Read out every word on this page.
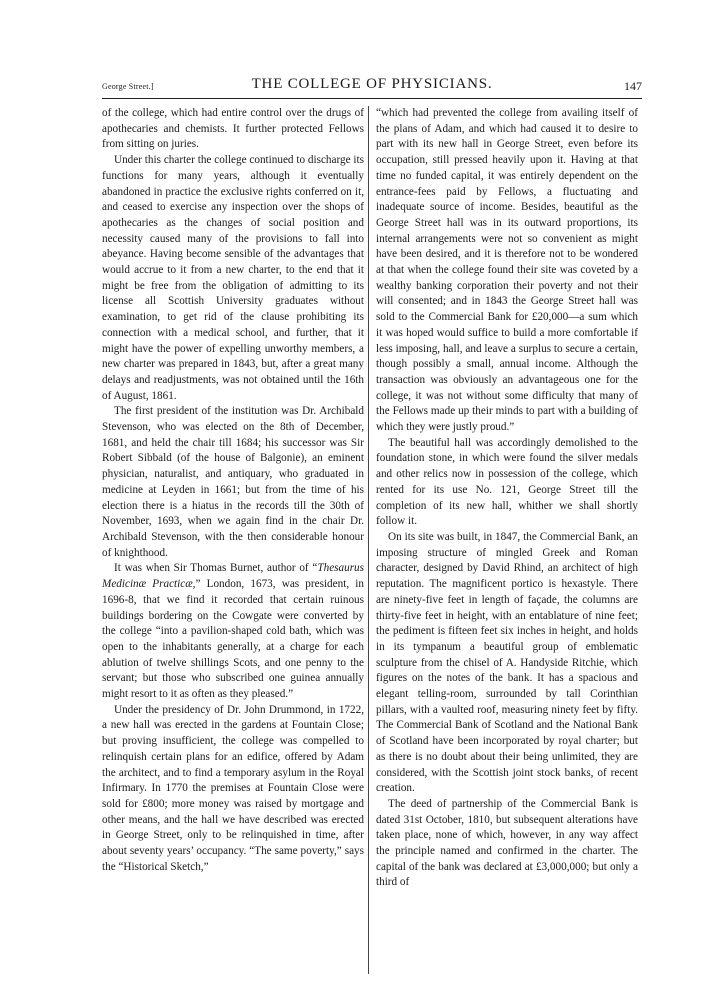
George Street.]	THE COLLEGE OF PHYSICIANS.	147

of the college, which had entire control over the drugs of apothecaries and chemists. It further protected Fellows from sitting on juries.

Under this charter the college continued to discharge its functions for many years, although it eventually abandoned in practice the exclusive rights conferred on it, and ceased to exercise any inspection over the shops of apothecaries as the changes of social position and necessity caused many of the provisions to fall into abeyance. Having become sensible of the advantages that would accrue to it from a new charter, to the end that it might be free from the obligation of admitting to its license all Scottish University graduates without examination, to get rid of the clause prohibiting its connection with a medical school, and further, that it might have the power of expelling unworthy members, a new charter was prepared in 1843, but, after a great many delays and readjustments, was not obtained until the 16th of August, 1861.

The first president of the institution was Dr. Archibald Stevenson, who was elected on the 8th of December, 1681, and held the chair till 1684; his successor was Sir Robert Sibbald (of the house of Balgonie), an eminent physician, naturalist, and antiquary, who graduated in medicine at Leyden in 1661; but from the time of his election there is a hiatus in the records till the 30th of November, 1693, when we again find in the chair Dr. Archibald Stevenson, with the then considerable honour of knighthood.

It was when Sir Thomas Burnet, author of “Thesaurus Medicinæ Practicæ,” London, 1673, was president, in 1696-8, that we find it recorded that certain ruinous buildings bordering on the Cowgate were converted by the college “into a pavilion-shaped cold bath, which was open to the inhabitants generally, at a charge for each ablution of twelve shillings Scots, and one penny to the servant; but those who subscribed one guinea annually might resort to it as often as they pleased.”

Under the presidency of Dr. John Drummond, in 1722, a new hall was erected in the gardens at Fountain Close; but proving insufficient, the college was compelled to relinquish certain plans for an edifice, offered by Adam the architect, and to find a temporary asylum in the Royal Infirmary. In 1770 the premises at Fountain Close were sold for £800; more money was raised by mortgage and other means, and the hall we have described was erected in George Street, only to be relinquished in time, after about seventy years’ occupancy. “The same poverty,” says the “Historical Sketch,”

“which had prevented the college from availing itself of the plans of Adam, and which had caused it to desire to part with its new hall in George Street, even before its occupation, still pressed heavily upon it. Having at that time no funded capital, it was entirely dependent on the entrance-fees paid by Fellows, a fluctuating and inadequate source of income. Besides, beautiful as the George Street hall was in its outward proportions, its internal arrangements were not so convenient as might have been desired, and it is therefore not to be wondered at that when the college found their site was coveted by a wealthy banking corporation their poverty and not their will consented; and in 1843 the George Street hall was sold to the Commercial Bank for £20,000—a sum which it was hoped would suffice to build a more comfortable if less imposing, hall, and leave a surplus to secure a certain, though possibly a small, annual income. Although the transaction was obviously an advantageous one for the college, it was not without some difficulty that many of the Fellows made up their minds to part with a building of which they were justly proud.”

The beautiful hall was accordingly demolished to the foundation stone, in which were found the silver medals and other relics now in possession of the college, which rented for its use No. 121, George Street till the completion of its new hall, whither we shall shortly follow it.

On its site was built, in 1847, the Commercial Bank, an imposing structure of mingled Greek and Roman character, designed by David Rhind, an architect of high reputation. The magnificent portico is hexastyle. There are ninety-five feet in length of façade, the columns are thirty-five feet in height, with an entablature of nine feet; the pediment is fifteen feet six inches in height, and holds in its tympanum a beautiful group of emblematic sculpture from the chisel of A. Handyside Ritchie, which figures on the notes of the bank. It has a spacious and elegant telling-room, surrounded by tall Corinthian pillars, with a vaulted roof, measuring ninety feet by fifty. The Commercial Bank of Scotland and the National Bank of Scotland have been incorporated by royal charter; but as there is no doubt about their being unlimited, they are considered, with the Scottish joint stock banks, of recent creation.

The deed of partnership of the Commercial Bank is dated 31st October, 1810, but subsequent alterations have taken place, none of which, however, in any way affect the principle named and confirmed in the charter. The capital of the bank was declared at £3,000,000; but only a third of
